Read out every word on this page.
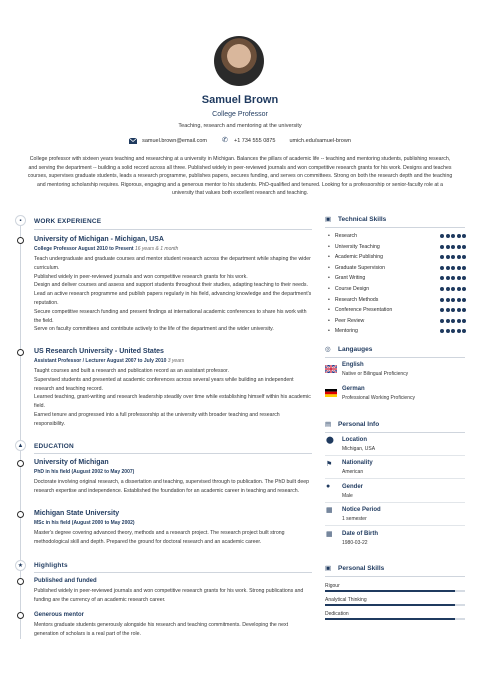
Samuel Brown
College Professor
Teaching, research and mentoring at the university
samuel.brown@email.com ✆ +1 734 555 0875	umich.edu/samuel-brown
College professor with sixteen years teaching and researching at a university in Michigan. Balances the pillars of academic life -- teaching and mentoring students, publishing research, and serving the department -- building a solid record across all three. Published widely in peer-reviewed journals and won competitive research grants for his work. Designs and teaches courses, supervises graduate students, leads a research programme, publishes papers, secures funding, and serves on committees. Strong on both the research depth and the teaching and mentoring scholarship requires. Rigorous, engaging and a generous mentor to his students. PhD-qualified and tenured. Looking for a professorship or senior-faculty role at a university that values both excellent research and teaching.
▪	WORK EXPERIENCE
University of Michigan - Michigan, USA
College Professor August 2010 to Present 16 years & 1 month
Teach undergraduate and graduate courses and mentor student research across the department while shaping the wider curriculum.
Published widely in peer-reviewed journals and won competitive research grants for his work.
Design and deliver courses and assess and support students throughout their studies, adapting teaching to their needs.
Lead an active research programme and publish papers regularly in his field, advancing knowledge and the department's reputation.
Secure competitive research funding and present findings at international academic conferences to share his work with the field.
Serve on faculty committees and contribute actively to the life of the department and the wider university.
US Research University - United States
Assistant Professor / Lecturer August 2007 to July 2010 3 years
Taught courses and built a research and publication record as an assistant professor.
Supervised students and presented at academic conferences across several years while building an independent research and teaching record.
Learned teaching, grant-writing and research leadership steadily over time while establishing himself within his academic field.
Earned tenure and progressed into a full professorship at the university with broader teaching and research responsibility.
▲	EDUCATION
University of Michigan
PhD in his field (August 2002 to May 2007)
Doctorate involving original research, a dissertation and teaching, supervised through to publication. The PhD built deep research expertise and independence. Established the foundation for an academic career in teaching and research.
Michigan State University
MSc in his field (August 2000 to May 2002)
Master's degree covering advanced theory, methods and a research project. The research project built strong methodological skill and depth. Prepared the ground for doctoral research and an academic career.
★	Highlights
Published and funded
Published widely in peer-reviewed journals and won competitive research grants for his work. Strong publications and funding are the currency of an academic research career.
Generous mentor
Mentors graduate students generously alongside his research and teaching commitments. Developing the next generation of scholars is a real part of the role.
▣ Technical Skills
• Research
• University Teaching
• Academic Publishing
• Graduate Supervision
• Grant Writing
• Course Design
• Research Methods
• Conference Presentation
• Peer Review
• Mentoring
◎ Langauges
English
Native or Bilingual Proficiency
German
Professional Working Proficiency
▤ Personal Info
⬤ Location
Michigan, USA
⚑ Nationality
American
● Gender
Male
▦ Notice Period
1 semester
▦ Date of Birth
1980-03-22
▣ Personal Skills
Rigour
Analytical Thinking
Dedication
